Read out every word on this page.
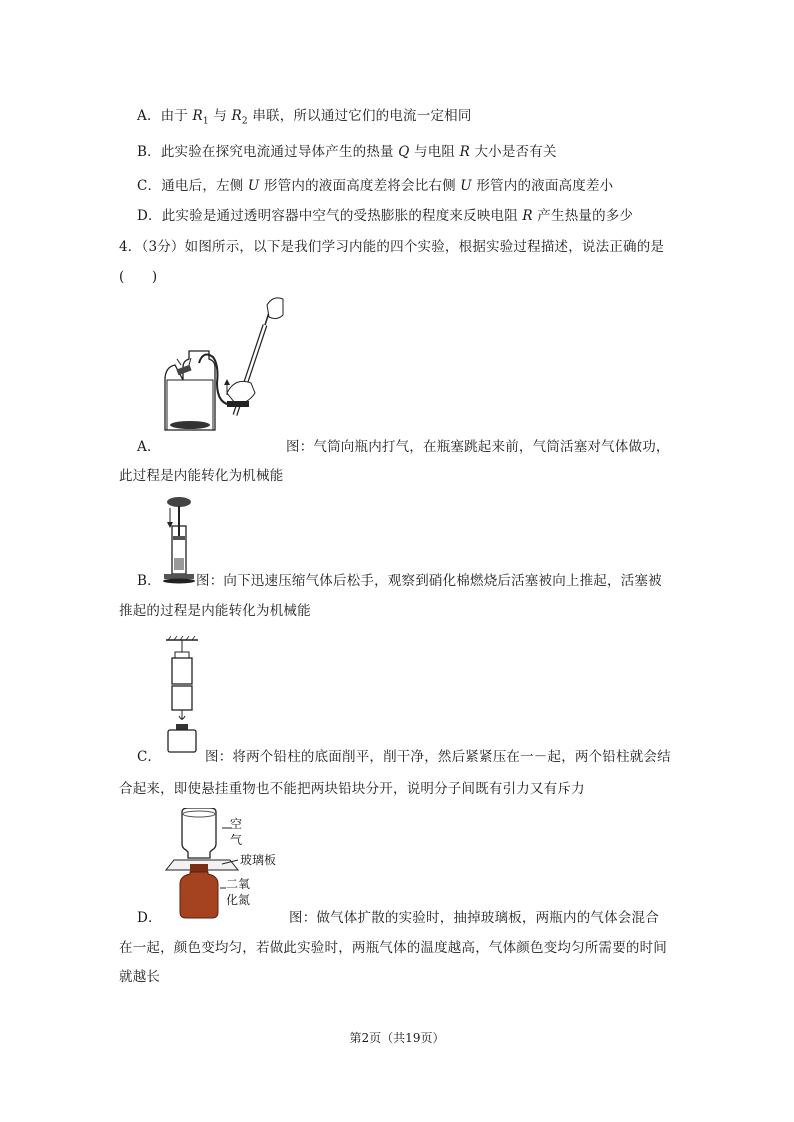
A．由于 $R_1$ 与 $R_2$ 串联，所以通过它们的电流一定相同
B．此实验在探究电流通过导体产生的热量 Q 与电阻 R 大小是否有关
C．通电后，左侧 U 形管内的液面高度差将会比右侧 U 形管内的液面高度差小
D．此实验是通过透明容器中空气的受热膨胀的程度来反映电阻 R 产生热量的多少
4．（3分）如图所示，以下是我们学习内能的四个实验，根据实验过程描述，说法正确的是
(　　)
A．	图：气筒向瓶内打气，在瓶塞跳起来前，气筒活塞对气体做功，
此过程是内能转化为机械能
B．	图：向下迅速压缩气体后松手，观察到硝化棉燃烧后活塞被向上推起，活塞被
推起的过程是内能转化为机械能
C．	图：将两个铅柱的底面削平，削干净，然后紧紧压在一－起，两个铅柱就会结
合起来，即使悬挂重物也不能把两块铅块分开，说明分子间既有引力又有斥力
空
气
玻璃板
二氧
化氮
D．	图：做气体扩散的实验时，抽掉玻璃板，两瓶内的气体会混合
在一起，颜色变均匀，若做此实验时，两瓶气体的温度越高，气体颜色变均匀所需要的时间
就越长
第2页（共19页）
